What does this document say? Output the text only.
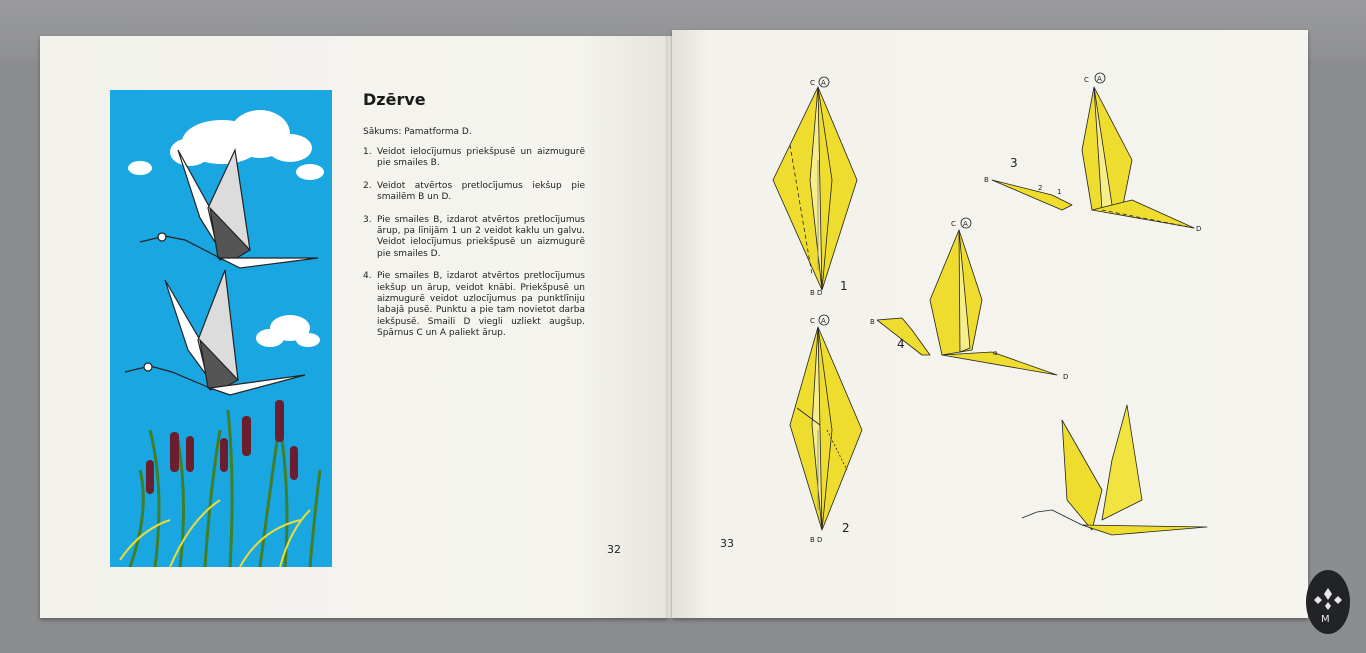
Dzērve
Sākums: Pamatforma D.
1. Veidot ielocījumus priekšpusē un aizmugurē pie smailes B.
2. Veidot atvērtos pretlocījumus iekšup pie smailēm B un D.
3. Pie smailes B, izdarot atvērtos pretlocījumus ārup, pa līnijām 1 un 2 veidot kaklu un galvu. Veidot ielocījumus priekšpusē un aizmugurē pie smailes D.
4. Pie smailes B, izdarot atvērtos pretlocījumus iekšup un ārup, veidot knābi. Priekšpusē un aizmugurē veidot uzlocījumus pa punktlīniju labajā pusē. Punktu a pie tam novietot darba iekšpusē. Smaili D viegli uzliekt augšup. Spārnus C un A paliekt ārup.
32
C A
B D 1
C A
B D
2
C A
3
B
2 1
D
C A
B
4
a
D
33
M
